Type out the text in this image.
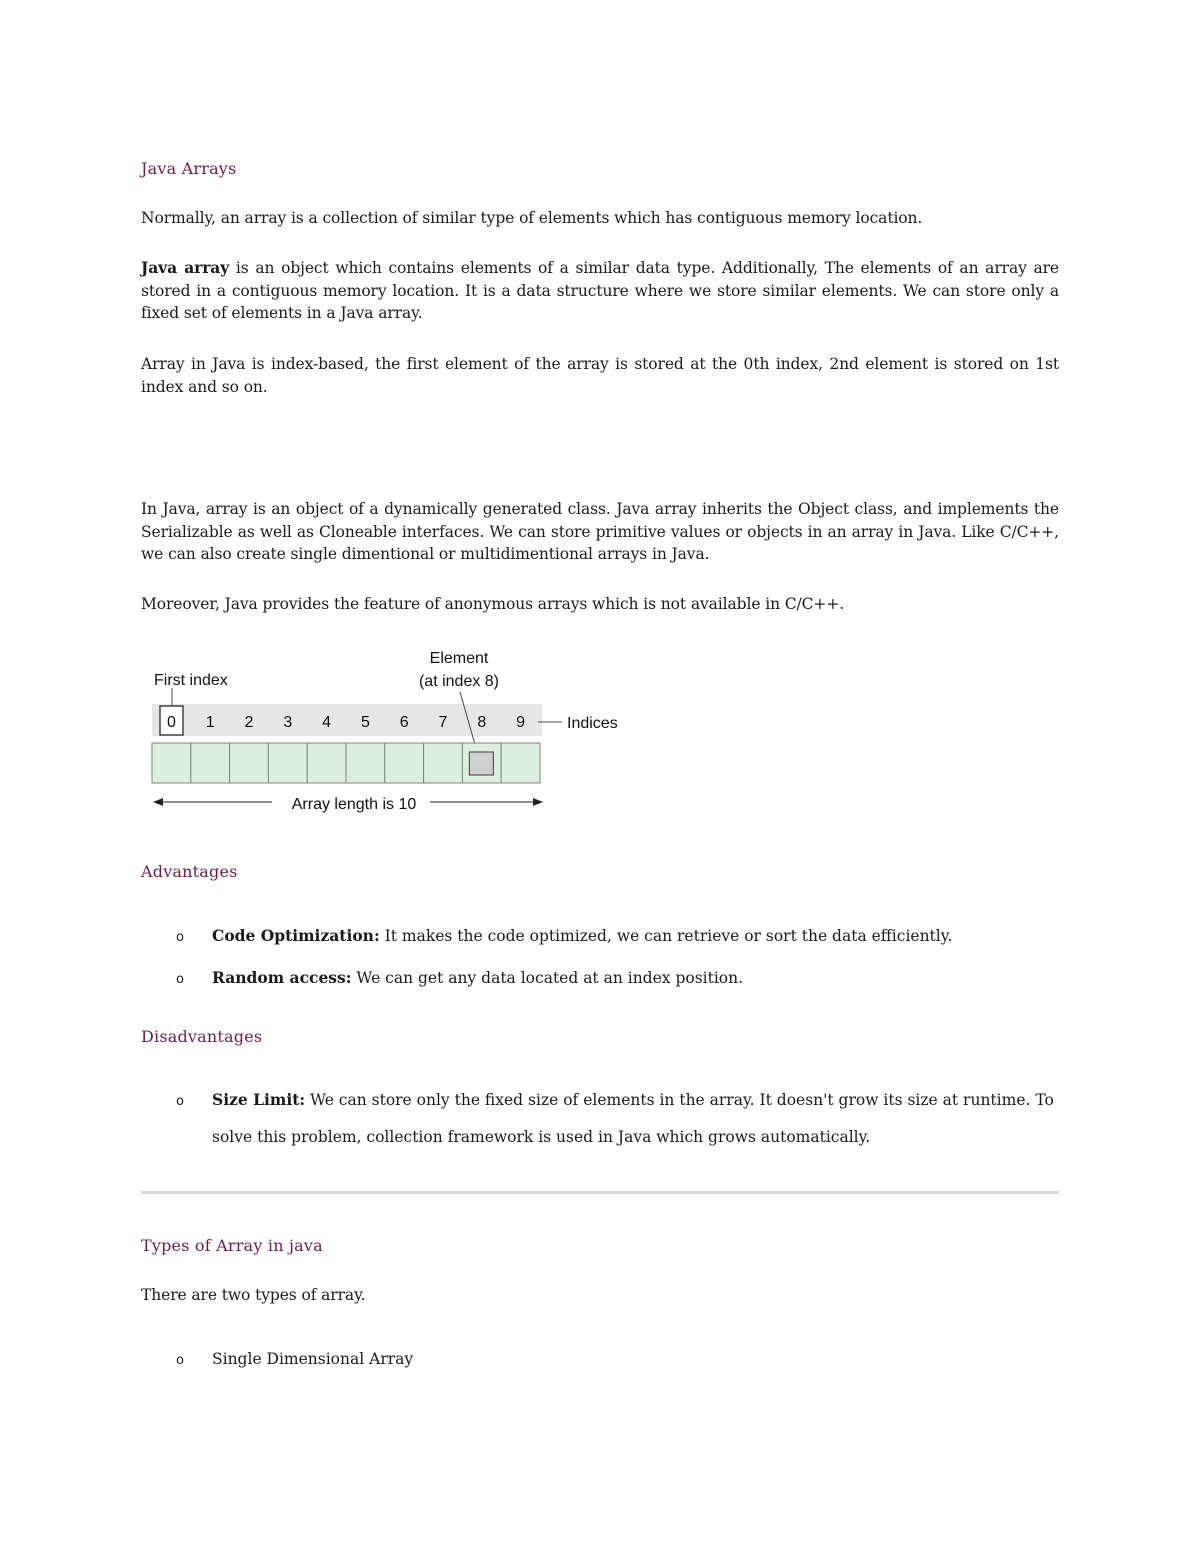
Java Arrays
Normally, an array is a collection of similar type of elements which has contiguous memory location.
Java array is an object which contains elements of a similar data type. Additionally, The elements of an array are stored in a contiguous memory location. It is a data structure where we store similar elements. We can store only a fixed set of elements in a Java array.
Array in Java is index-based, the first element of the array is stored at the 0th index, 2nd element is stored on 1st index and so on.
In Java, array is an object of a dynamically generated class. Java array inherits the Object class, and implements the Serializable as well as Cloneable interfaces. We can store primitive values or objects in an array in Java. Like C/C++, we can also create single dimentional or multidimentional arrays in Java.
Moreover, Java provides the feature of anonymous arrays which is not available in C/C++.
First index
Element
(at index 8)
0 1 2 3 4 5 6 7 8 9	Indices
Array length is 10
Advantages
o Code Optimization: It makes the code optimized, we can retrieve or sort the data efficiently.
o Random access: We can get any data located at an index position.
Disadvantages
o Size Limit: We can store only the fixed size of elements in the array. It doesn't grow its size at runtime. To
solve this problem, collection framework is used in Java which grows automatically.
Types of Array in java
There are two types of array.
o Single Dimensional Array
